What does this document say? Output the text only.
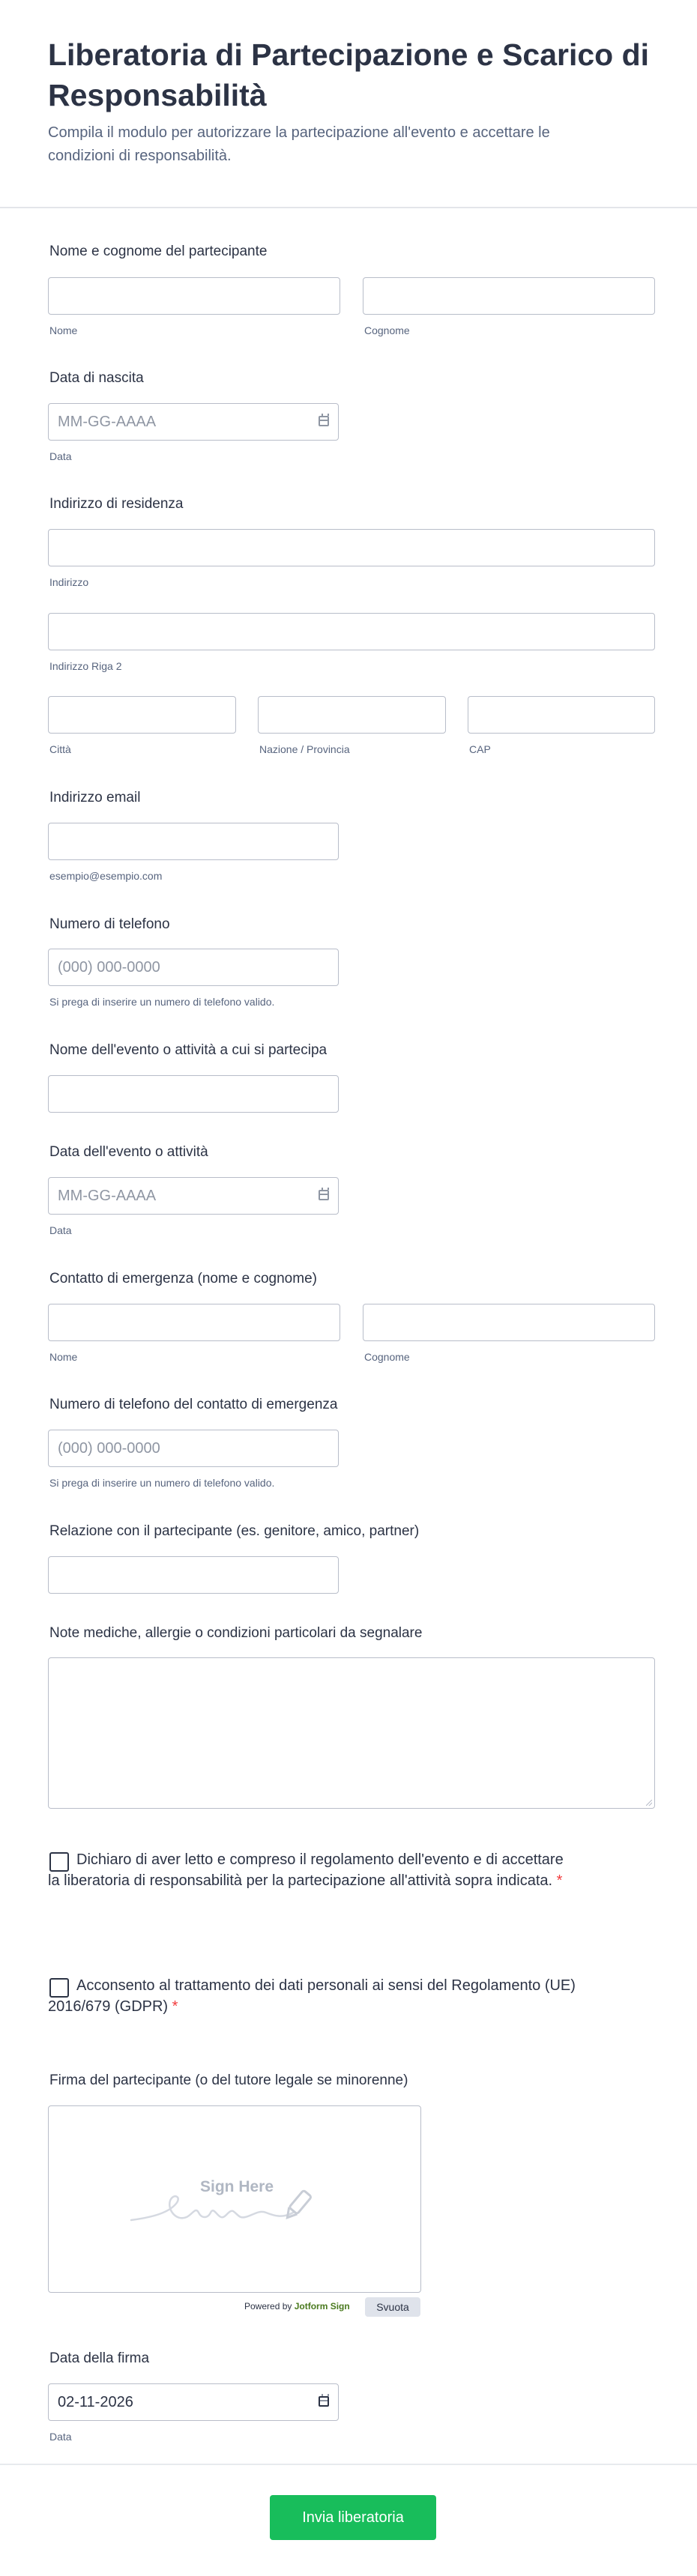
Liberatoria di Partecipazione e Scarico di Responsabilità
Compila il modulo per autorizzare la partecipazione all'evento e accettare le condizioni di responsabilità.
Nome e cognome del partecipante
Nome	Cognome
Data di nascita
MM-GG-AAAA
Data
Indirizzo di residenza
Indirizzo
Indirizzo Riga 2
Città	Nazione / Provincia	CAP
Indirizzo email
esempio@esempio.com
Numero di telefono
(000) 000-0000
Si prega di inserire un numero di telefono valido.
Nome dell'evento o attività a cui si partecipa
Data dell'evento o attività
MM-GG-AAAA
Data
Contatto di emergenza (nome e cognome)
Nome	Cognome
Numero di telefono del contatto di emergenza
(000) 000-0000
Si prega di inserire un numero di telefono valido.
Relazione con il partecipante (es. genitore, amico, partner)
Note mediche, allergie o condizioni particolari da segnalare
Dichiaro di aver letto e compreso il regolamento dell'evento e di accettare la liberatoria di responsabilità per la partecipazione all'attività sopra indicata. *
Acconsento al trattamento dei dati personali ai sensi del Regolamento (UE) 2016/679 (GDPR) *
Firma del partecipante (o del tutore legale se minorenne)
Sign Here
Powered by Jotform Sign	Svuota
Data della firma
02-11-2026
Data
Invia liberatoria
